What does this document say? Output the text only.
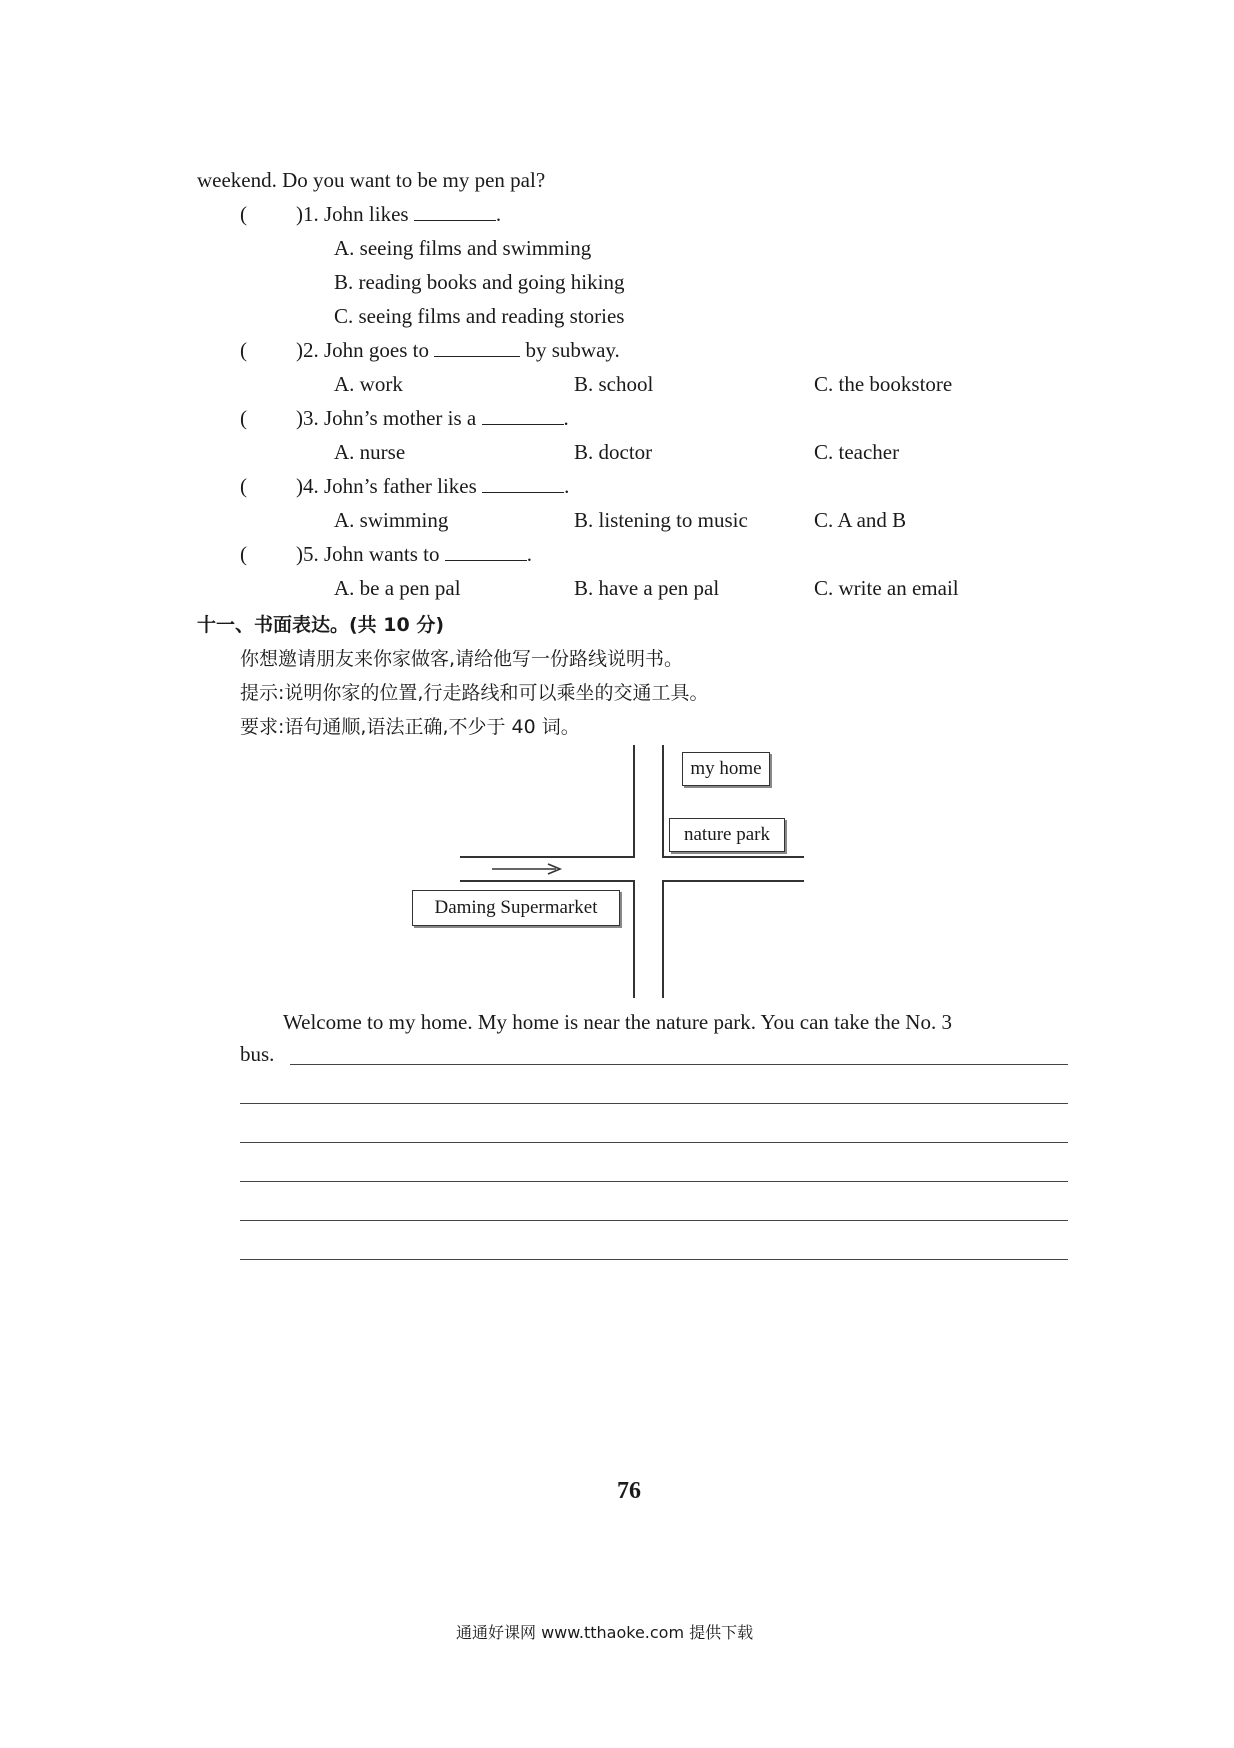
weekend. Do you want to be my pen pal?
( )1. John likes	.
A. seeing films and swimming
B. reading books and going hiking
C. seeing films and reading stories
( )2. John goes to	by subway.
A. work	B. school	C. the bookstore
( )3. John’s mother is a	.
A. nurse	B. doctor	C. teacher
( )4. John’s father likes	.
A. swimming	B. listening to music	C. A and B
( )5. John wants to	.
A. be a pen pal	B. have a pen pal	C. write an email
十一、书面表达。(共 10 分)
你想邀请朋友来你家做客,请给他写一份路线说明书。
提示:说明你家的位置,行走路线和可以乘坐的交通工具。
要求:语句通顺,语法正确,不少于 40 词。
my home
nature park
Daming Supermarket
Welcome to my home. My home is near the nature park. You can take the No. 3
bus.
76
通通好课网 www.tthaoke.com 提供下载
